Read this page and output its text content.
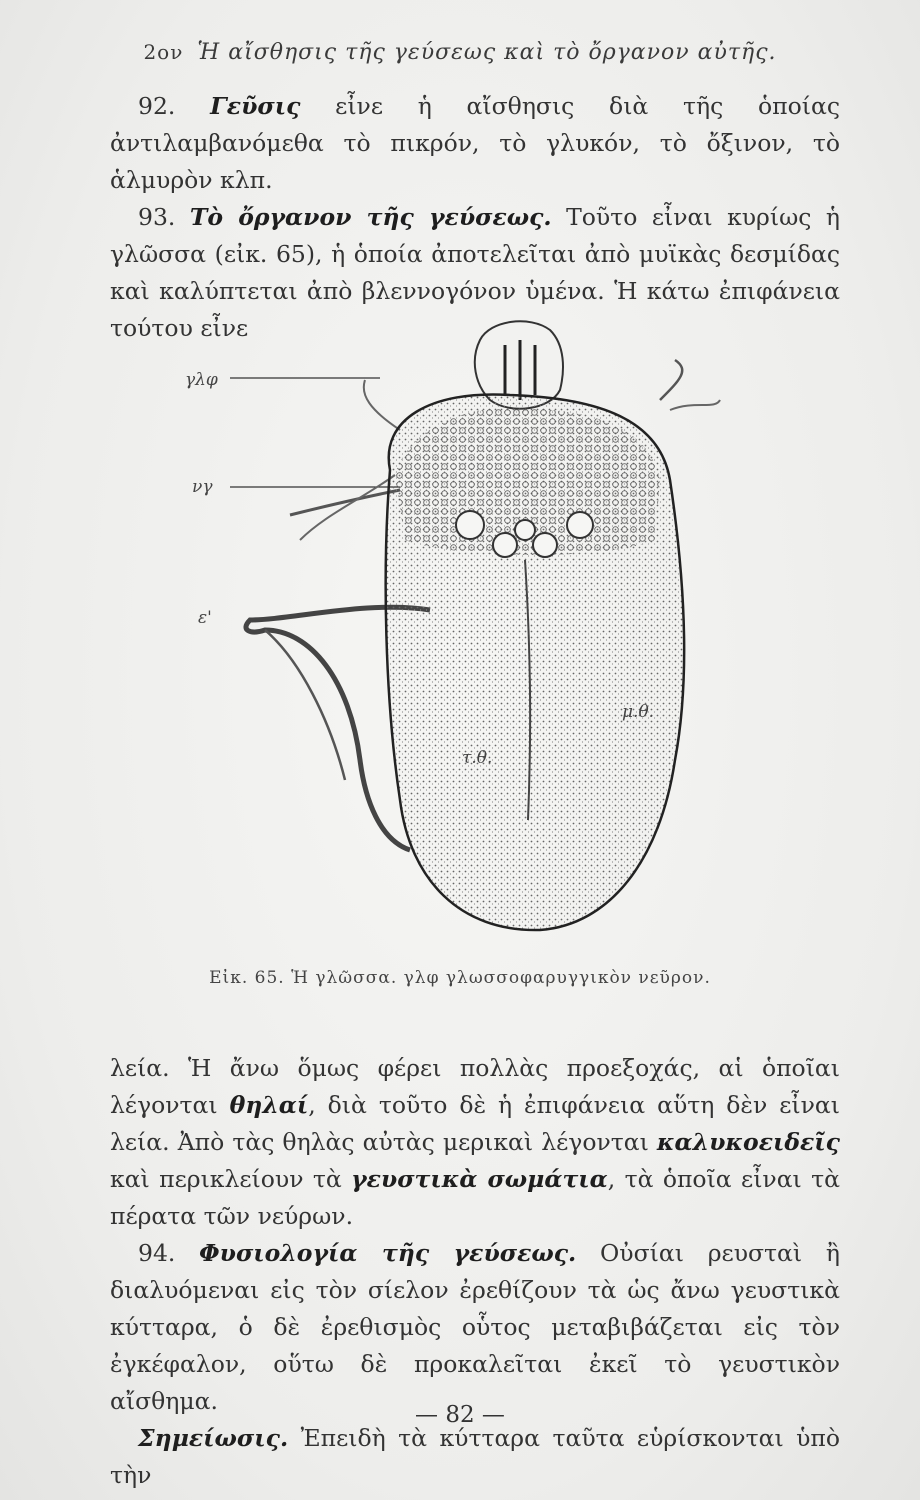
2ον Ἡ αἴσθησις τῆς γεύσεως καὶ τὸ ὄργανον αὐτῆς.

92. Γεῦσις εἶνε ἡ αἴσθησις διὰ τῆς ὁποίας ἀντιλαμβανόμεθα τὸ πικρόν, τὸ γλυκόν, τὸ ὄξινον, τὸ ἁλμυρὸν κλπ.

93. Τὸ ὄργανον τῆς γεύσεως. Τοῦτο εἶναι κυρίως ἡ γλῶσσα (εἰκ. 65), ἡ ὁποία ἀποτελεῖται ἀπὸ μυϊκὰς δεσμίδας καὶ καλύπτεται ἀπὸ βλεννογόνον ὑμένα. Ἡ κάτω ἐπιφάνεια τούτου εἶνε

γλφ
νγ
ε'
μ.θ.
τ.θ.
Εἰκ. 65. Ἡ γλῶσσα. γλφ γλωσσοφαρυγγικὸν νεῦρον.

λεία. Ἡ ἄνω ὅμως φέρει πολλὰς προεξοχάς, αἱ ὁποῖαι λέγονται θηλαί, διὰ τοῦτο δὲ ἡ ἐπιφάνεια αὕτη δὲν εἶναι λεία. Ἀπὸ τὰς θηλὰς αὐτὰς μερικαὶ λέγονται καλυκοειδεῖς καὶ περικλείουν τὰ γευστικὰ σωμάτια, τὰ ὁποῖα εἶναι τὰ πέρατα τῶν νεύρων.

94. Φυσιολογία τῆς γεύσεως. Οὐσίαι ρευσταὶ ἢ διαλυόμεναι εἰς τὸν σίελον ἐρεθίζουν τὰ ὡς ἄνω γευστικὰ κύτταρα, ὁ δὲ ἐρεθισμὸς οὗτος μεταβιβάζεται εἰς τὸν ἐγκέφαλον, οὕτω δὲ προκαλεῖται ἐκεῖ τὸ γευστικὸν αἴσθημα.

Σημείωσις. Ἐπειδὴ τὰ κύτταρα ταῦτα εὑρίσκονται ὑπὸ τὴν

— 82 —
